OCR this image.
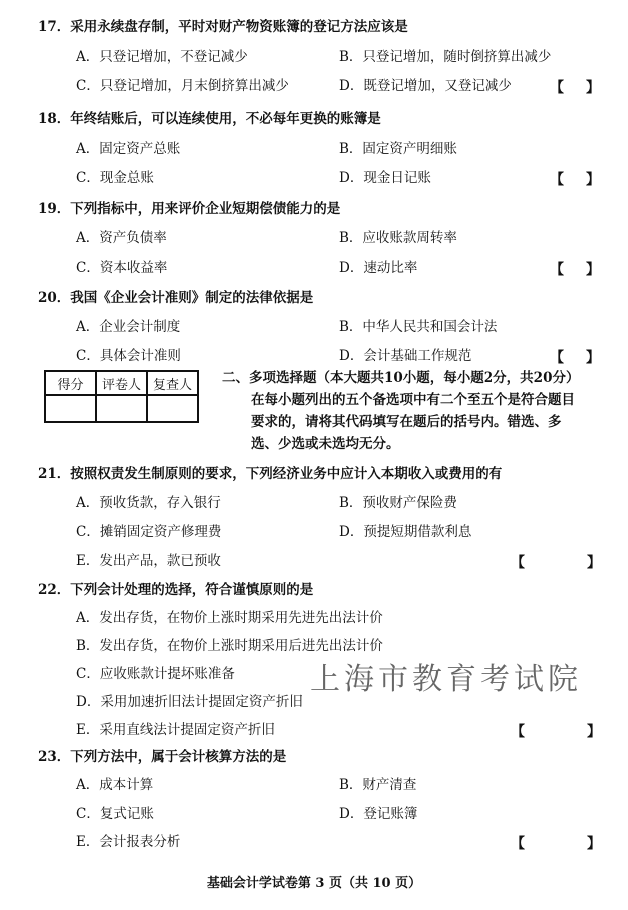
17．采用永续盘存制，平时对财产物资账簿的登记方法应该是
A．只登记增加，不登记减少	B．只登记增加，随时倒挤算出减少
C．只登记增加，月末倒挤算出减少	D．既登记增加，又登记减少	【 】
18．年终结账后，可以连续使用，不必每年更换的账簿是
A．固定资产总账	B．固定资产明细账
C．现金总账	D．现金日记账	【 】
19．下列指标中，用来评价企业短期偿债能力的是
A．资产负债率	B．应收账款周转率
C．资本收益率	D．速动比率	【 】
20．我国《企业会计准则》制定的法律依据是
A．企业会计制度	B．中华人民共和国会计法
C．具体会计准则	D．会计基础工作规范	【 】
得分	评卷人	复查人
		二、多项选择题（本大题共10小题，每小题2分，共20分）
在每小题列出的五个备选项中有二个至五个是符合题目
要求的，请将其代码填写在题后的括号内。错选、多
选、少选或未选均无分。
21．按照权责发生制原则的要求，下列经济业务中应计入本期收入或费用的有
A．预收货款，存入银行	B．预收财产保险费
C．摊销固定资产修理费	D．预提短期借款利息
E．发出产品，款已预收	【	】
22．下列会计处理的选择，符合谨慎原则的是
A．发出存货，在物价上涨时期采用先进先出法计价
B．发出存货，在物价上涨时期采用后进先出法计价
C．应收账款计提坏账准备
D．采用加速折旧法计提固定资产折旧
E．采用直线法计提固定资产折旧	【	】
上海市教育考试院
23．下列方法中，属于会计核算方法的是
A．成本计算	B．财产清查
C．复式记账	D．登记账簿
E．会计报表分析	【	】
基础会计学试卷第 3 页（共 10 页）
